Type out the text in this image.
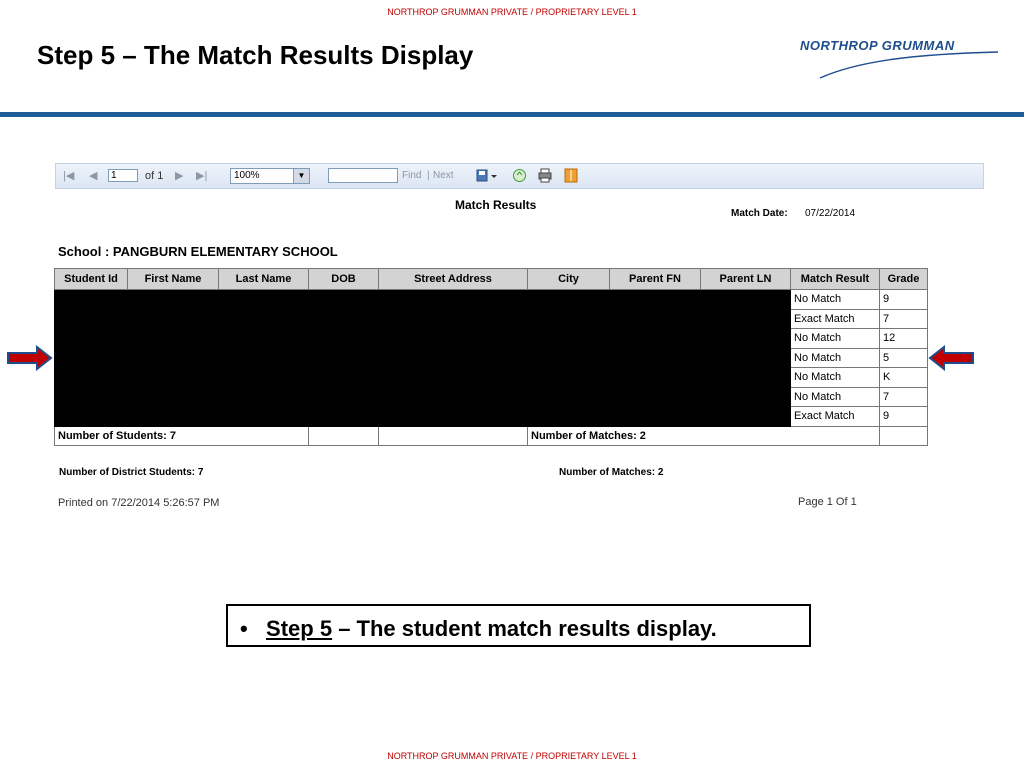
NORTHROP GRUMMAN PRIVATE / PROPRIETARY LEVEL 1
Step 5 – The Match Results Display	NORTHROP GRUMMAN
|◀ ◀
1	of 1 ▶ ▶|	100%	▼	Find | Next
Match Results
Match Date: 07/22/2014
School : PANGBURN ELEMENTARY SCHOOL
Student Id	First Name	Last Name	DOB	Street Address	City	Parent FN	Parent LN	Match Result	Grade
								No Match	9
								Exact Match	7
								No Match	12
								No Match	5
								No Match	K
								No Match	7
								Exact Match	9
Number of Students: 7					Number of Matches: 2				
Number of District Students: 7	Number of Matches: 2
Printed on 7/22/2014 5:26:57 PM	Page 1 Of 1
• Step 5 – The student match results display.
NORTHROP GRUMMAN PRIVATE / PROPRIETARY LEVEL 1
